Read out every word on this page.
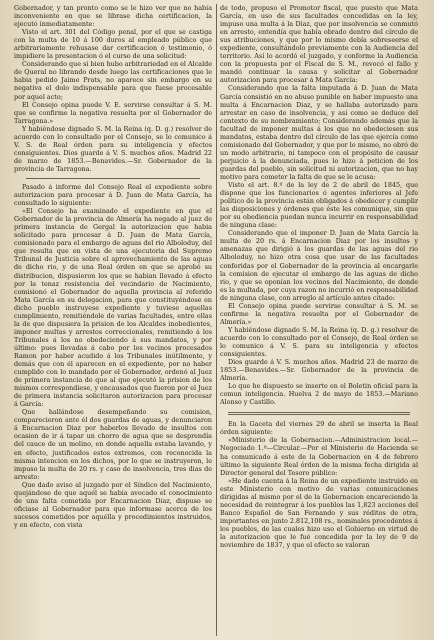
Gobernador, y tan pronto como se le hizo ver que no habia inconveniente en que se librase dicha certificacion, la ejecutó inmediatamente:

Visto el art. 301 del Código penal, por el que se castiga con la multa de 10 á 100 duros al empleado público que arbitrariamente rehusase dar certificacion ó testimonio, ó impidiere la presentacion ó el curso de una solicitud:

Considerando que si bien hubo arbitrariedad en el Alcalde de Queral no librando desde luego las certificaciones que le habia pedido Jaime Prats, no aparece sin embargo en su negativa el dolo indispensable para que fuese procesable por aquel acto;

El Consejo opina puede V. E. servirse consultar á S. M. que se confirme la negativa resuelta por el Gobernador de Tarragona.»

Y habiéndose dignado S. M. la Reina (q. D. g.) resolver de acuerdo con lo consultado por el Consejo, se lo comunico á V. S. de Real órden para su inteligencia y efectos consiguientes. Dios guarde á V. S. muchos años. Madrid 22 de marzo de 1853.—Benavides.—Sr. Gobernador de la provincia de Tarragona.

Pasado á informe del Consejo Real el expediente sobre autorizacion para procesar á D. Juan de Mata García, ha consultado lo siguiente:

«El Consejo ha examinado el expediente en que el Gobernador de la provincia de Almería ha negado al juez de primera instancia de Gergal la autorizacion que habia solicitado para procesar á D. Juan de Mata García, comisionado para el embargo de aguas del rio Alboloduy, del que resulta que en vista de una ejecutoria del Supremo Tribunal de Justicia sobre el aprovechamiento de las aguas de dicho rio, y de una Real órden en que se aprobó su distribucion, dispusieron los que se habian llevado á efecto por la tenaz resistencia del vecindario de Nacimiento, comisionó el Gobernador de aquella provincia al referido Mata García en su delegacion, para que constituyéndose en dicho pueblo instruyese expediente y tuviese aquellas cumplimiento, remitiéndole de varias facultades, entre ellas la de que dispusiera la prision de los Alcaldes inobedientes, imponer multas y arrestos correccionales, remitiendo á los Tribunales á los no obedeciendo á sus mandatos, y por último: pues llevadas á cabo por los vecinos procesados Ramon por haber acudido á los Tribunales inútilmente, y demás que con él aparecen en el expediente, por no haber cumplido con lo mandado por el Gobernador, ordenó al Juez de primera instancia de que al que ejecutó la prision de los mismos correspondiese, y encausados que fueron por el Juez de primera instancia solicitaron autorizacion para procesar á García:

Que hallándose desempeñando su comision, comparecieron ante él dos guardas de aguas, y denunciaron á Encarnacion Diaz por haberlos llevado de insultos con ocasion de ir á tapar un chorro de agua que se desprendía del cauce de un molino, en donde aquella estaba lavando, y en efecto, justificados estos extremos, con reconocida la misma intencion en los dichos, por lo que se instruyeron, le impuso la multa de 20 rs. y caso de insolvencia, tres dias de arresto:

Que dado aviso al juzgado por el Síndico del Nacimiento, quejándose de que aquél se habia avocado el conocimiento de una falta cometida por Encarnacion Diaz, dispuso se oficiase al Gobernador para que informase acerca de los sucesos cometidos por aquélla y procedimientos instruidos, y en efecto, con vista

de todo, propuso el Promotor fiscal, que puesto que Mata García, en uso de sus facultades concedidas en la ley, impuso una multa á la Diaz, que por insolvencia se conmutó en arresto, entendía que había obrado dentro del círculo de sus atribuciones, y que por lo mismo debía sobreseerse el expediente, consultándolo previamente con la Audiencia del territorio. Así lo acordó el juzgado, y conforme la Audiencia con la propuesta por el Fiscal de S. M., revocó el fallo y mandó continuar la causa y solicitar al Gobernador autorizacion para procesar á Mata García:

Considerando que la falta imputada á D. Juan de Mata García consistió en no abuso punible en haber impuesto una multa á Encarnacion Diaz, y se hallaba autorizado para arrestar en caso de insolvencia, y así como se deduce del contexto de su nombramiento; Considerando además que la facultad de imponer multas á los que no obedeciesen sus mandatos, estaba dentro del círculo de las que ejercía como comisionado del Gobernador, y que por lo mismo, no obró de un modo arbitrario, ni tampoco con el propósito de causar perjuicio á la denunciada, pues lo hizo á peticion de los guardas del pueblo, sin solicitud ni autorizacion, que no hay motivo para cometer la falta de que se le acusa:

Visto el art. 8.º de la ley de 2 de abril de 1845, que dispone que los funcionarios ó agentes inferiores al Jefe político de la provincia están obligados á obedecer y cumplir las disposiciones y órdenes que éste les comunique, sin que por su obediencia puedan nunca incurrir en responsabilidad de ninguna clase:

Considerando que el imponer D. Juan de Mata García la multa de 20 rs. á Encarnacion Diaz por los insultos y amenazas que dirigió á los guardas de las aguas del rio Alboloduy, no hizo otra cosa que usar de las facultades conferidas por el Gobernador de la provincia al encargarle la comision de ejecutar el embargo de las aguas de dicho rio, y que se oponían los vecinos del Nacimiento, de donde es la multada, por cuya razon no incurrió en responsabilidad de ninguna clase, con arreglo al artículo antes citado:

El Consejo opina puede servirse consultar á S. M. se confirme la negativa resuelta por el Gobernador de Almería.»

Y habiéndose dignado S. M. la Reina (q. D. g.) resolver de acuerdo con lo consultado por el Consejo, de Real órden se lo comunico á V. S. para su inteligencia y efectos consiguientes.

Dios guarde á V. S. muchos años. Madrid 23 de marzo de 1853.—Benavides.—Sr. Gobernador de la provincia de Almería.

Lo que he dispuesto se inserte en el Boletin oficial para la comun inteligencia. Huelva 2 de mayo de 1853.—Mariano Alonso y Castillo.

En la Gaceta del viernes 29 de abril se inserta la Real órden siguiente:

«Ministerio de la Gobernacion.—Administracion local.—Negociado 1.º—Circular.—Por el Ministerio de Hacienda se ha comunicado á este de la Gobernacion en 4 de febrero último la siguiente Real órden de la misma fecha dirigida al Director general del Tesoro público:

«He dado cuenta á la Reina de un expediente instruido en este Ministerio con motivo de varias comunicaciones dirigidas al mismo por el de la Gobernacion encareciendo la necesidad de reintegrar á los pueblos las 1,823 acciones del Banco Español de San Fernando y sus réditos de otra, importantes en junto 2.812,108 rs., nominales procedentes á los pueblos, de las cuales hizo uso el Gobierno en virtud de la autorizacion que le fué concedida por la ley de 9 de noviembre de 1837, y que el efecto se valoran
